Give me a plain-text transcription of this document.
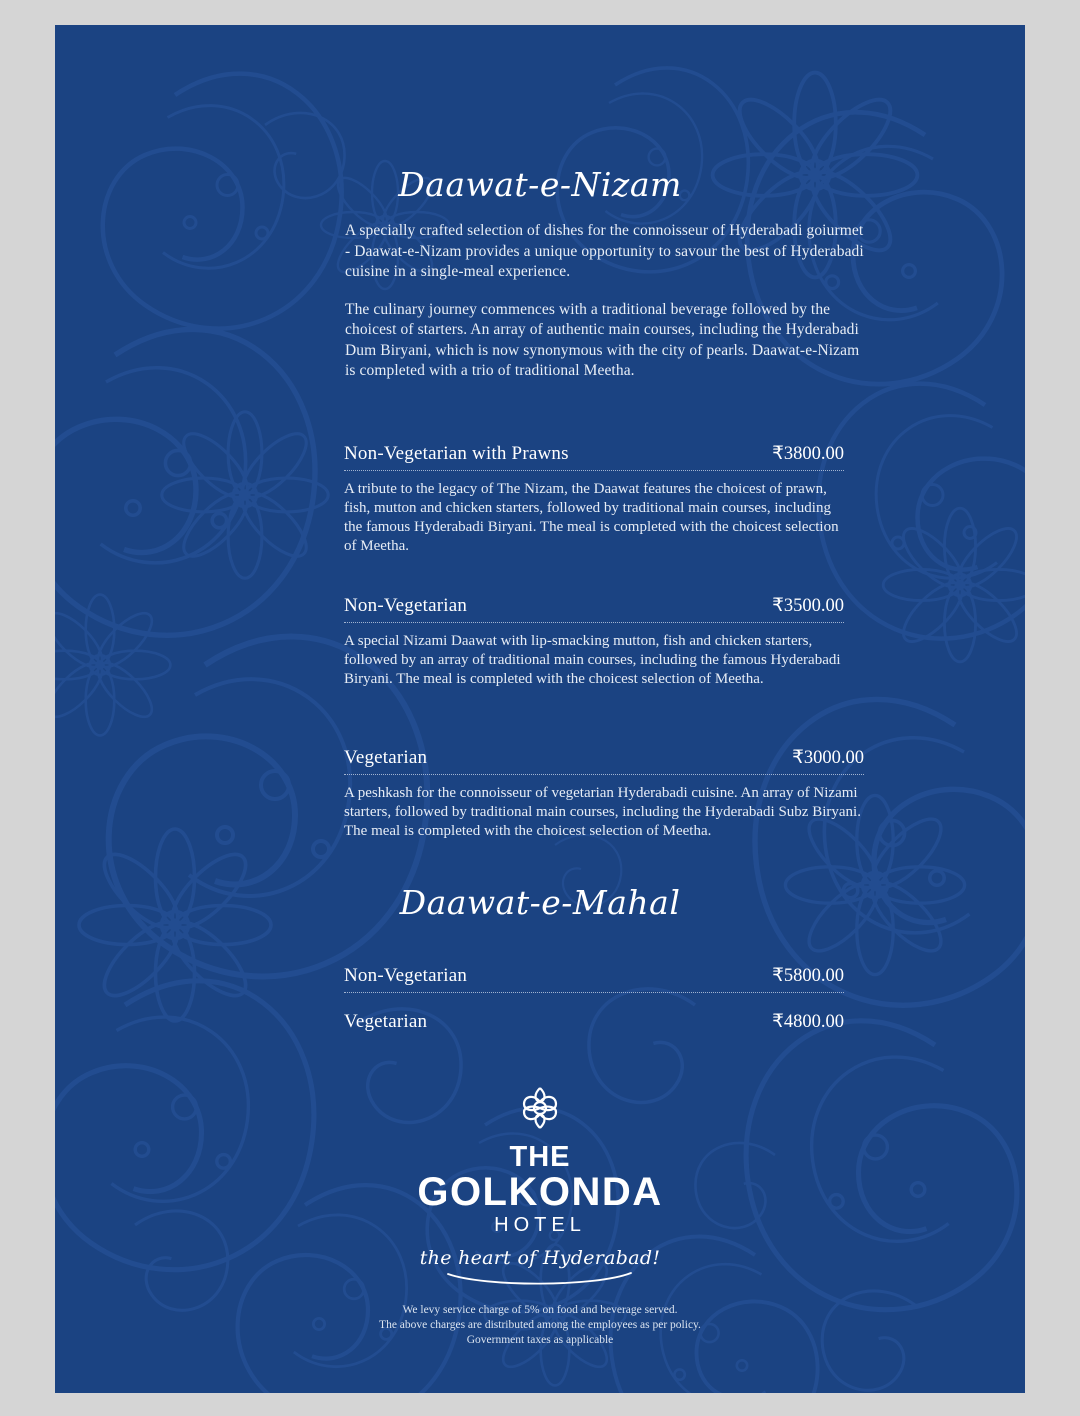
Daawat-e-Nizam

A specially crafted selection of dishes for the connoisseur of Hyderabadi goiurmet - Daawat-e-Nizam provides a unique opportunity to savour the best of Hyderabadi cuisine in a single-meal experience.

The culinary journey commences with a traditional beverage followed by the choicest of starters. An array of authentic main courses, including the Hyderabadi Dum Biryani, which is now synonymous with the city of pearls. Daawat-e-Nizam is completed with a trio of traditional Meetha.

Non-Vegetarian with Prawns	₹3800.00
A tribute to the legacy of The Nizam, the Daawat features the choicest of prawn, fish, mutton and chicken starters, followed by traditional main courses, including the famous Hyderabadi Biryani. The meal is completed with the choicest selection of Meetha.
Non-Vegetarian	₹3500.00
A special Nizami Daawat with lip-smacking mutton, fish and chicken starters, followed by an array of traditional main courses, including the famous Hyderabadi Biryani. The meal is completed with the choicest selection of Meetha.
Vegetarian	₹3000.00
A peshkash for the connoisseur of vegetarian Hyderabadi cuisine. An array of Nizami starters, followed by traditional main courses, including the Hyderabadi Subz Biryani. The meal is completed with the choicest selection of Meetha.
Daawat-e-Mahal
Non-Vegetarian	₹5800.00
Vegetarian	₹4800.00
THE
GOLKONDA
HOTEL
the heart of Hyderabad!
We levy service charge of 5% on food and beverage served.
The above charges are distributed among the employees as per policy.
Government taxes as applicable
